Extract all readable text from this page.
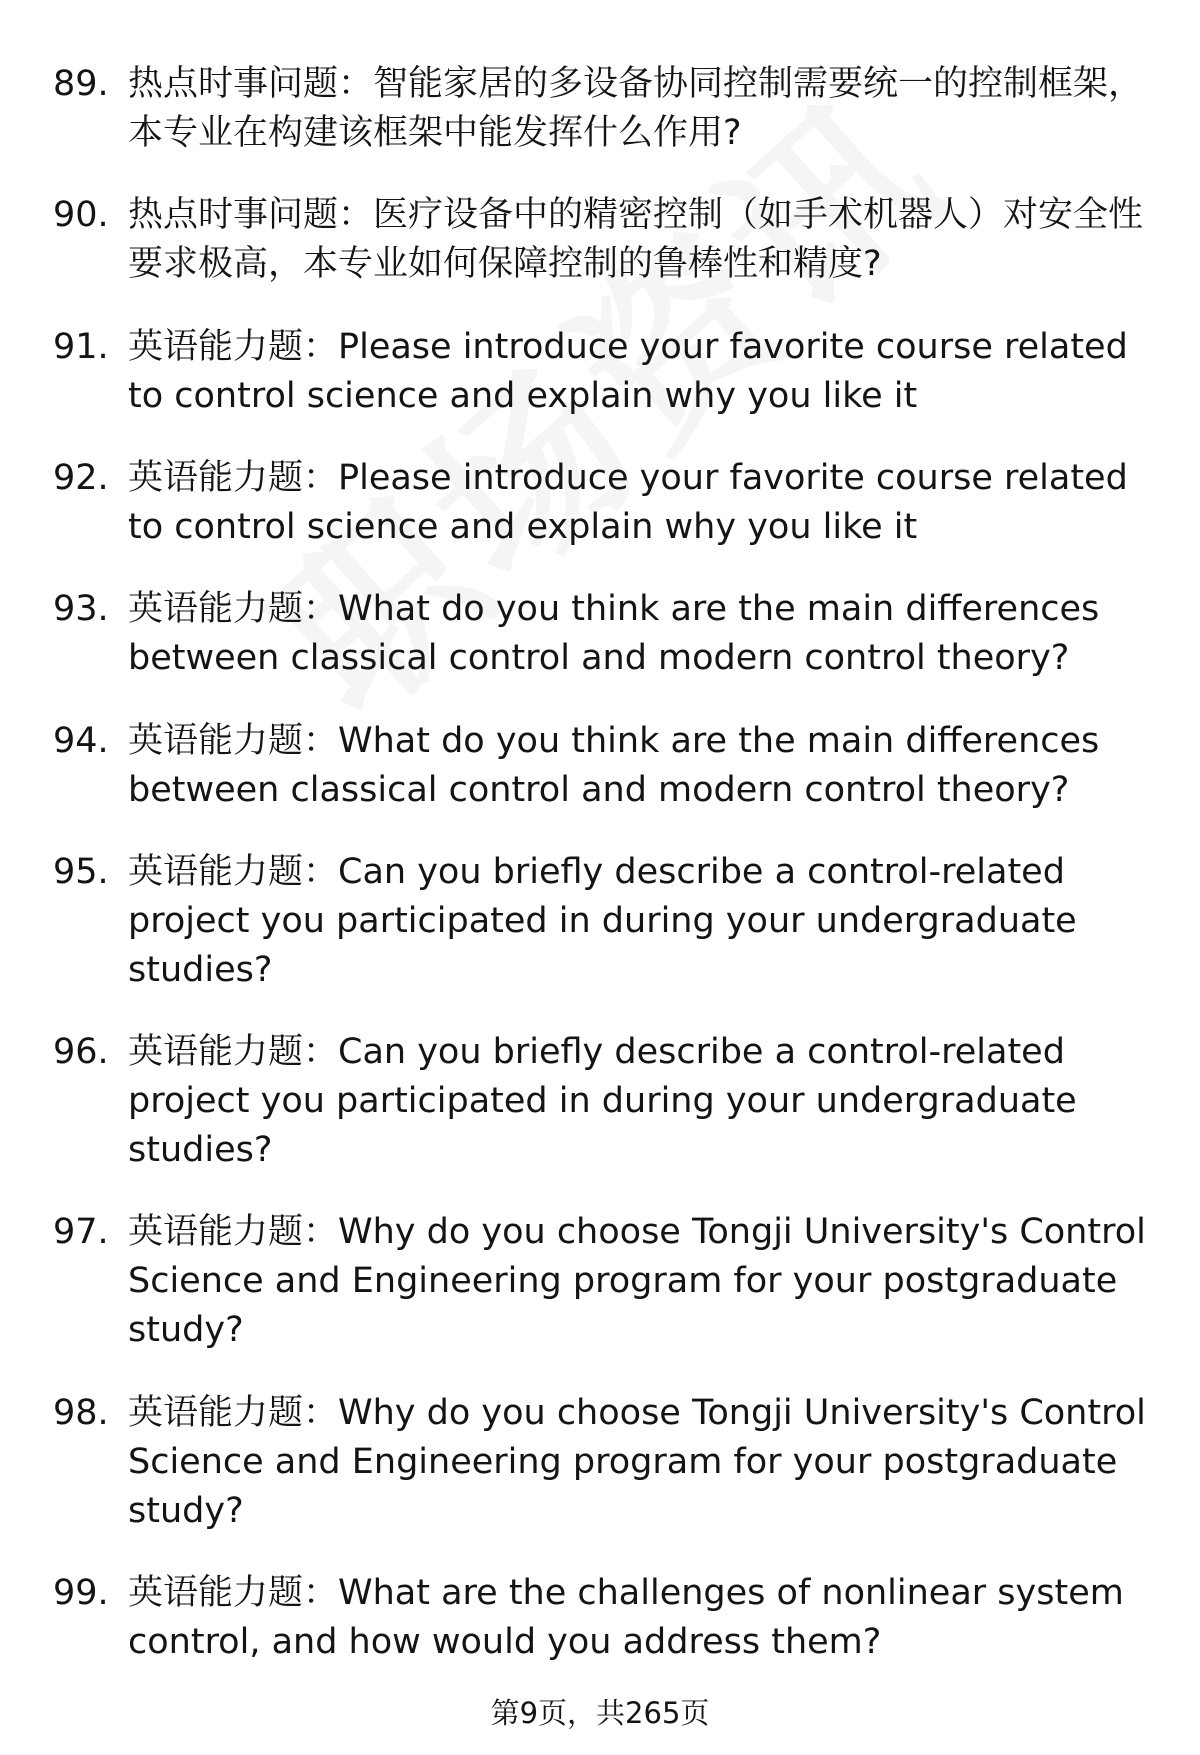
89. 热点时事问题：智能家居的多设备协同控制需要统一的控制框架，本专业在构建该框架中能发挥什么作用?
90. 热点时事问题：医疗设备中的精密控制（如手术机器人）对安全性要求极高，本专业如何保障控制的鲁棒性和精度?
91. 英语能力题：Please introduce your favorite course related to control science and explain why you like it
92. 英语能力题：Please introduce your favorite course related to control science and explain why you like it
93. 英语能力题：What do you think are the main differences between classical control and modern control theory?
94. 英语能力题：What do you think are the main differences between classical control and modern control theory?
95. 英语能力题：Can you briefly describe a control-related project you participated in during your undergraduate studies?
96. 英语能力题：Can you briefly describe a control-related project you participated in during your undergraduate studies?
97. 英语能力题：Why do you choose Tongji University's Control Science and Engineering program for your postgraduate study?
98. 英语能力题：Why do you choose Tongji University's Control Science and Engineering program for your postgraduate study?
99. 英语能力题：What are the challenges of nonlinear system control, and how would you address them?
第9页，共265页
